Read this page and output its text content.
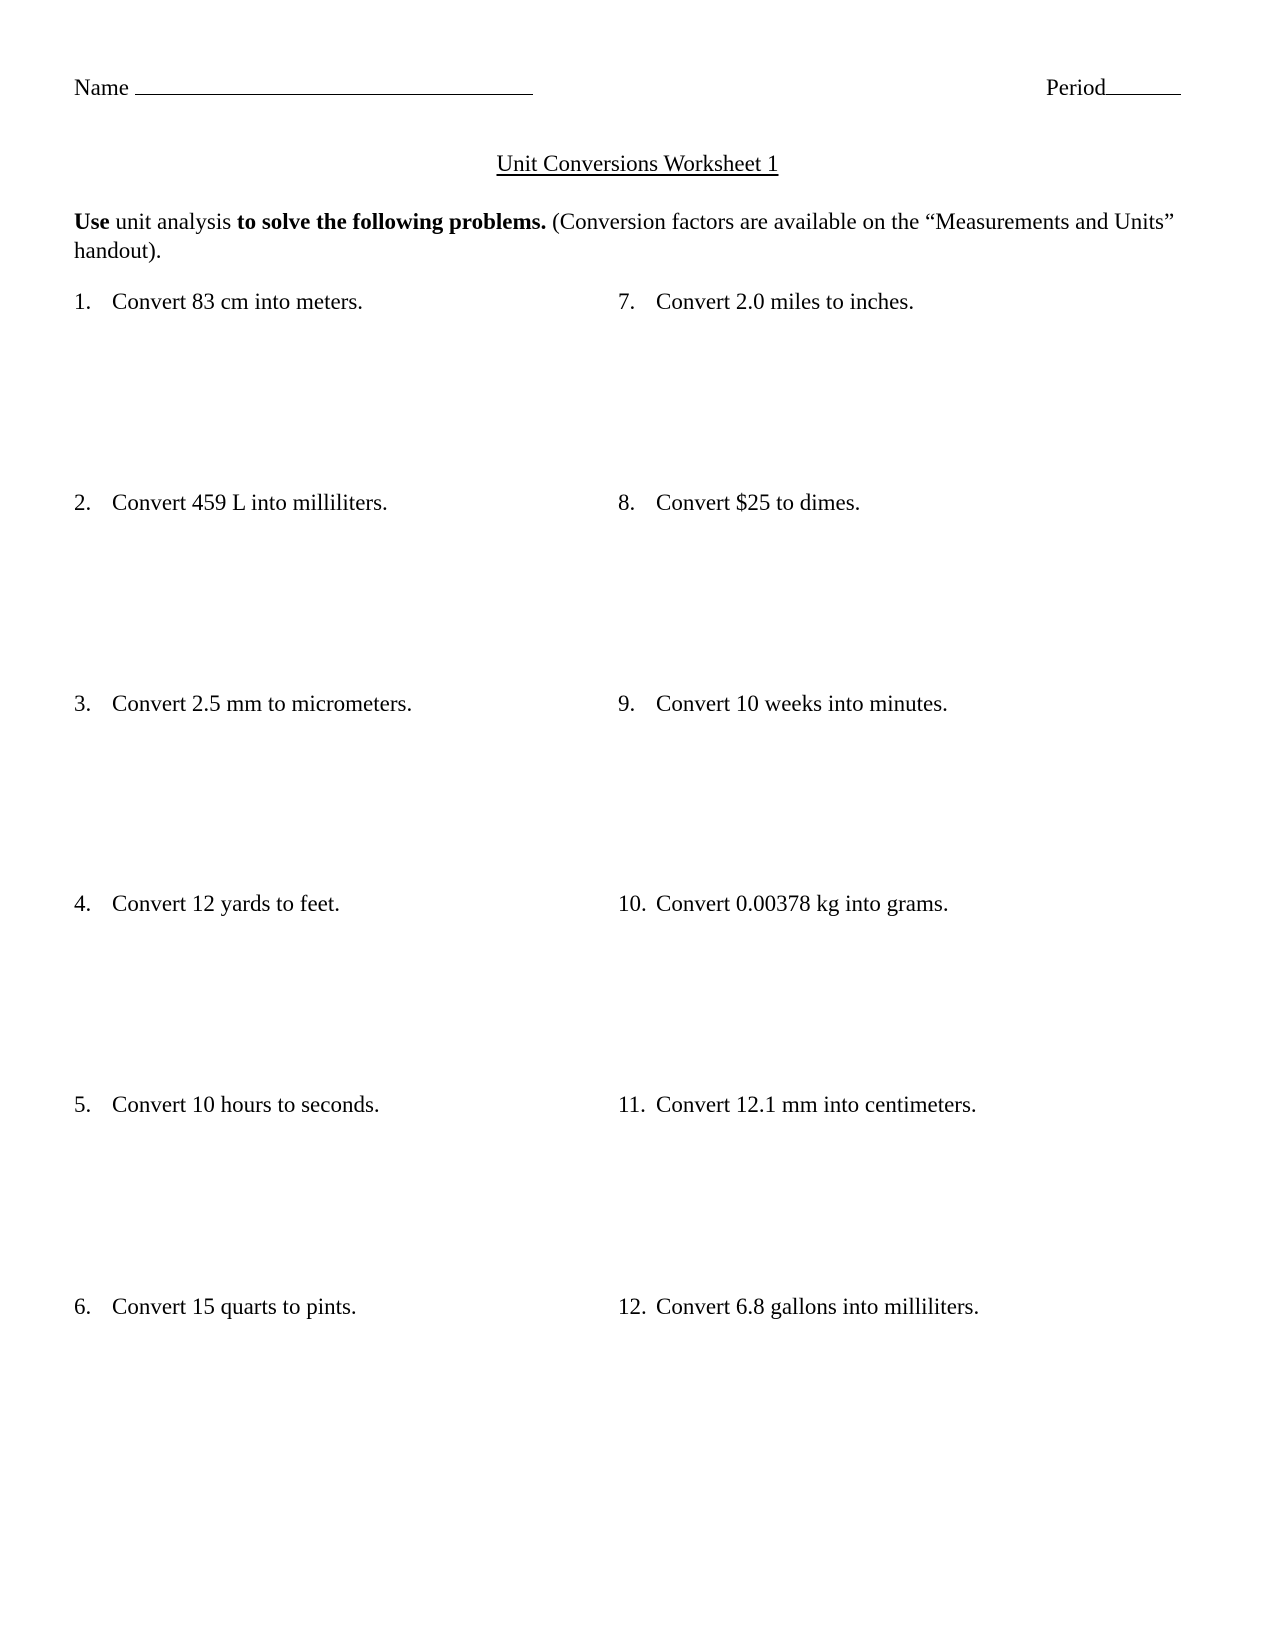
Name	Period
Unit Conversions Worksheet 1
Use unit analysis to solve the following problems. (Conversion factors are available on the “Measurements and Units” handout).
1. Convert 83 cm into meters.
2. Convert 459 L into milliliters.
3. Convert 2.5 mm to micrometers.
4. Convert 12 yards to feet.
5. Convert 10 hours to seconds.
6. Convert 15 quarts to pints.
7. Convert 2.0 miles to inches.
8. Convert $25 to dimes.
9. Convert 10 weeks into minutes.
10. Convert 0.00378 kg into grams.
11. Convert 12.1 mm into centimeters.
12. Convert 6.8 gallons into milliliters.
